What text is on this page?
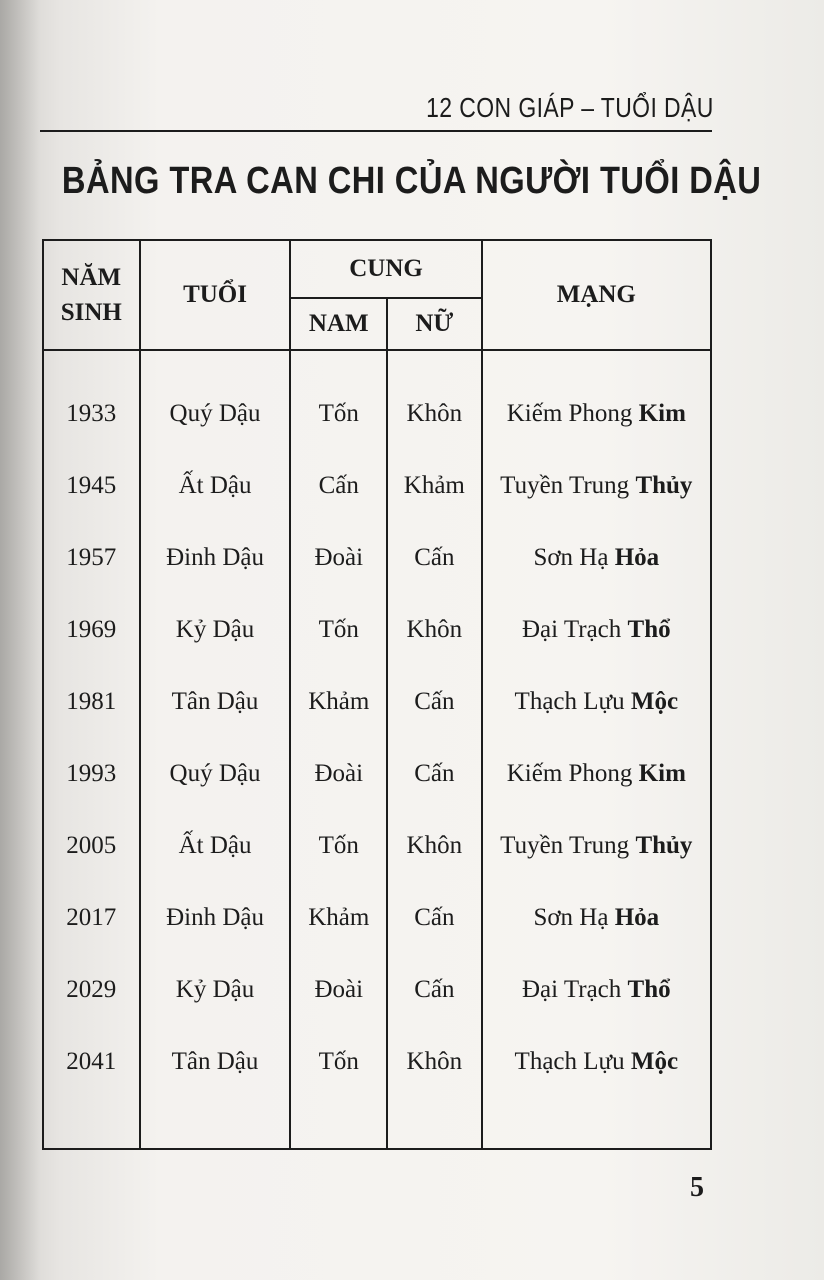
12 CON GIÁP – TUỔI DẬU
BẢNG TRA CAN CHI CỦA NGƯỜI TUỔI DẬU
NĂM SINH	TUỔI	CUNG		MẠNG
		NAM	NỮ	

1933	Quý Dậu	Tốn	Khôn	Kiếm Phong Kim
1945	Ất Dậu	Cấn	Khảm	Tuyền Trung Thủy
1957	Đinh Dậu	Đoài	Cấn	Sơn Hạ Hỏa
1969	Kỷ Dậu	Tốn	Khôn	Đại Trạch Thổ
1981	Tân Dậu	Khảm	Cấn	Thạch Lựu Mộc
1993	Quý Dậu	Đoài	Cấn	Kiếm Phong Kim
2005	Ất Dậu	Tốn	Khôn	Tuyền Trung Thủy
2017	Đinh Dậu	Khảm	Cấn	Sơn Hạ Hỏa
2029	Kỷ Dậu	Đoài	Cấn	Đại Trạch Thổ
2041	Tân Dậu	Tốn	Khôn	Thạch Lựu Mộc

5
